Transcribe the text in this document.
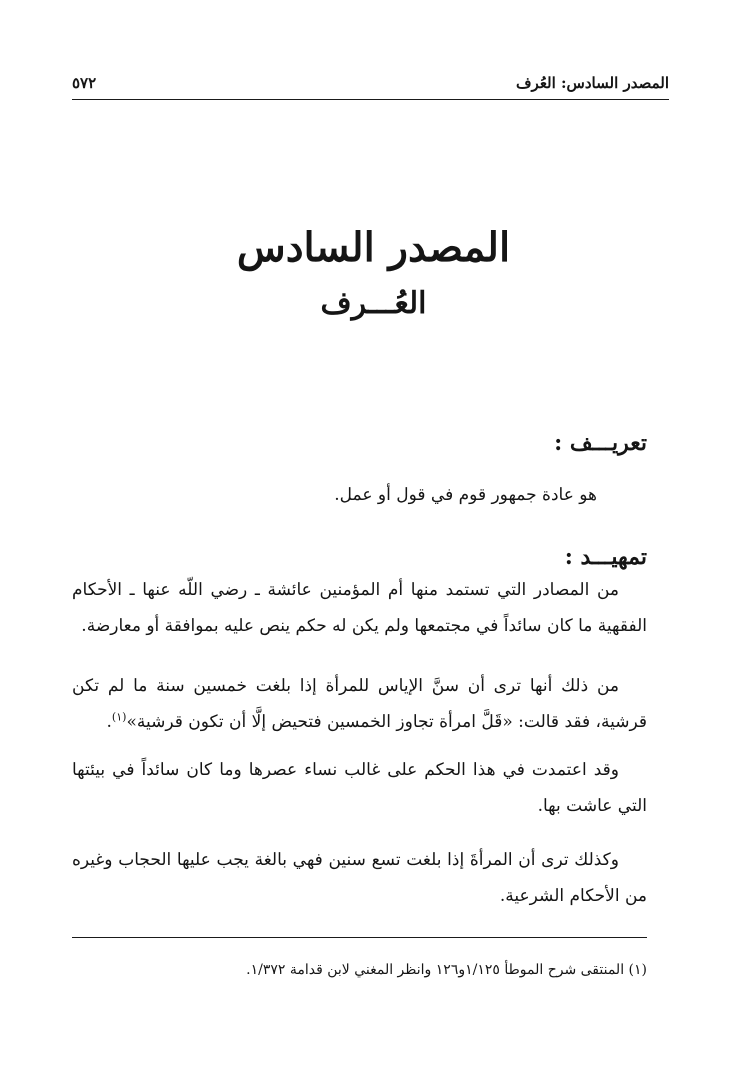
المصدر السادس: العُرف
٥٧٢
المصدر السادس
العُـــرف
تعريـــف :
هو عادة جمهور قوم في قول أو عمل.
تمهيـــد :

من المصادر التي تستمد منها أم المؤمنين عائشة ـ رضي اللّه عنها ـ الأحكام الفقهية ما كان سائداً في مجتمعها ولم يكن له حكم ينص عليه بموافقة أو معارضة.

من ذلك أنها ترى أن سنَّ الإياس للمرأة إذا بلغت خمسين سنة ما لم تكن قرشية، فقد قالت: «قَلَّ امرأة تجاوز الخمسين فتحيض إلَّا أن تكون قرشية»$^{(١)}$.

وقد اعتمدت في هذا الحكم على غالب نساء عصرها وما كان سائداً في بيئتها التي عاشت بها.

وكذلك ترى أن المرأةَ إذا بلغت تسع سنين فهي بالغة يجب عليها الحجاب وغيره من الأحكام الشرعية.

(١) المنتقى شرح الموطأ ١/١٢٥و١٢٦ وانظر المغني لابن قدامة ١/٣٧٢.
